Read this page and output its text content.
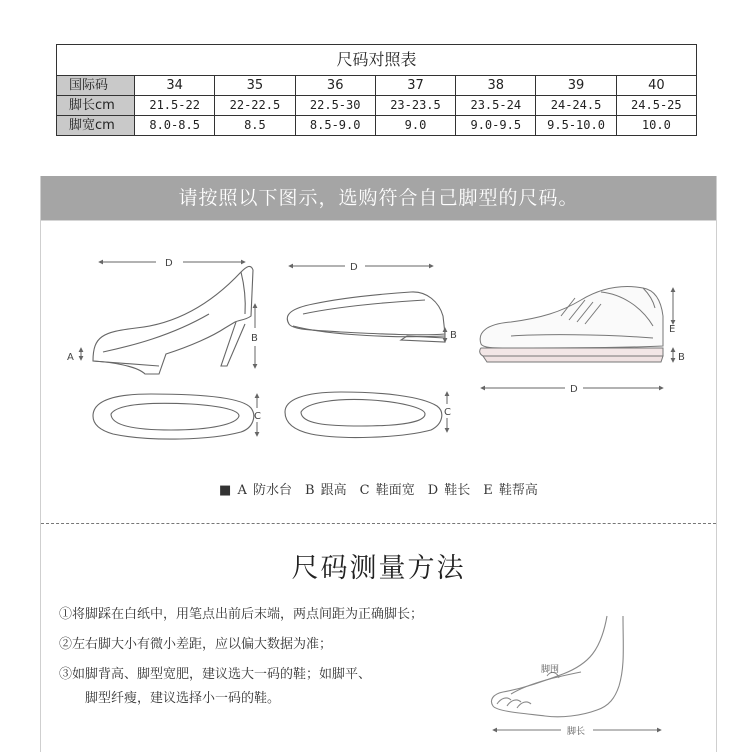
尺码对照表							
国际码	34	35	36	37	38	39	40
脚长cm	21.5-22	22-22.5	22.5-30	23-23.5	23.5-24	24-24.5	24.5-25
脚宽cm	8.0-8.5	8.5	8.5-9.0	9.0	9.0-9.5	9.5-10.0	10.0
请按照以下图示，选购符合自己脚型的尺码。
D
B
A
C
D
B
C
E
B
D
脚围
脚长
■ A 防水台　B 跟高　C 鞋面宽　D 鞋长　E 鞋帮高
尺码测量方法
①将脚踩在白纸中，用笔点出前后末端，两点间距为正确脚长；
②左右脚大小有微小差距，应以偏大数据为准；
③如脚背高、脚型宽肥，建议选大一码的鞋；如脚平、
脚型纤瘦，建议选择小一码的鞋。
